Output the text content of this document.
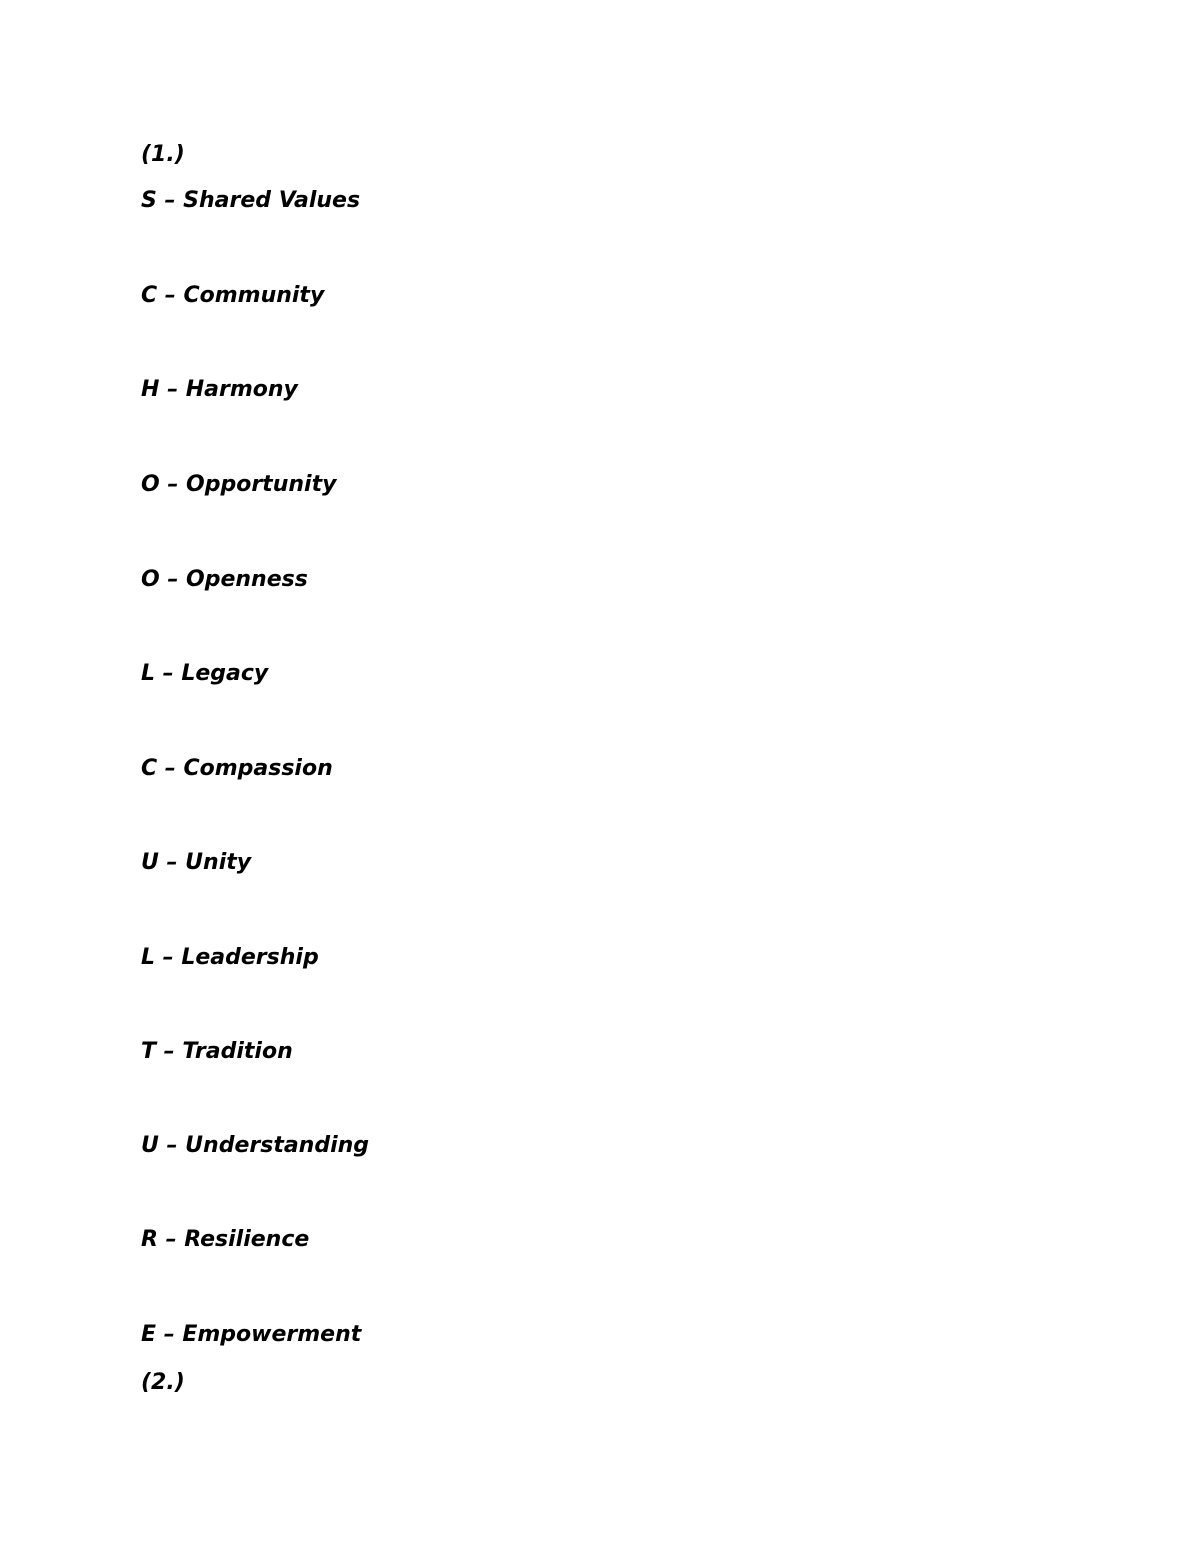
(1.)
S – Shared Values
C – Community
H – Harmony
O – Opportunity
O – Openness
L – Legacy
C – Compassion
U – Unity
L – Leadership
T – Tradition
U – Understanding
R – Resilience
E – Empowerment
(2.)
